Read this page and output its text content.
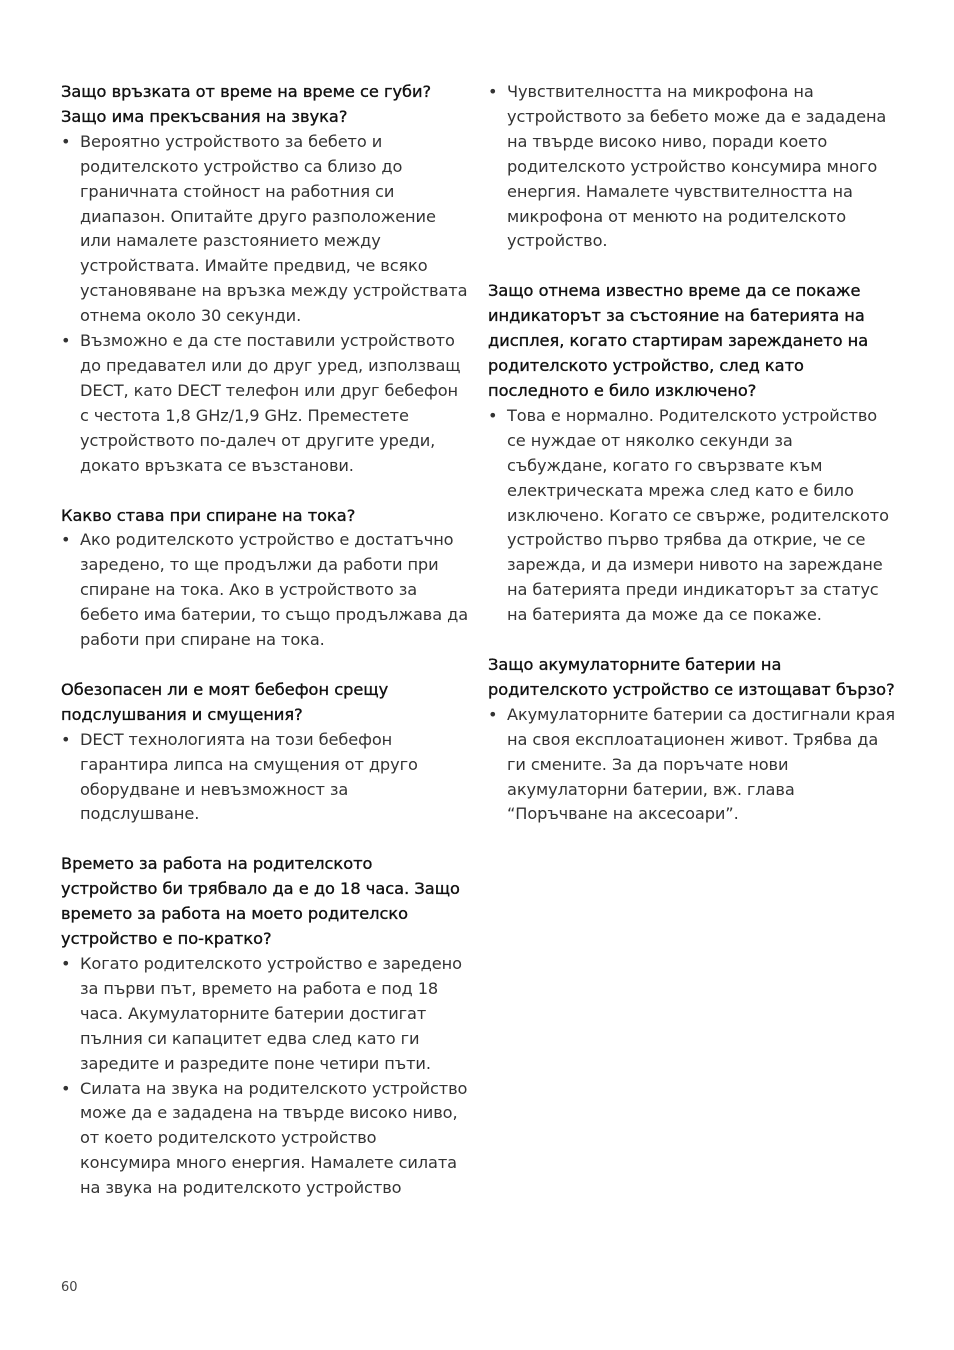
Защо връзката от време на време се губи? Защо има прекъсвания на звука?

• Вероятно устройството за бебето и родителското устройство са близо до граничната стойност на работния си диапазон. Опитайте друго разположение или намалете разстоянието между устройствата. Имайте предвид, че всяко установяване на връзка между устройствата отнема около 30 секунди.
• Възможно е да сте поставили устройството до предавател или до друг уред, използващ DECT, като DECT телефон или друг бебефон с честота 1,8 GHz/1,9 GHz. Преместете устройството по-далеч от другите уреди, докато връзката се възстанови.

Какво става при спиране на тока?

• Ако родителското устройство е достатъчно заредено, то ще продължи да работи при спиране на тока. Ако в устройството за бебето има батерии, то също продължава да работи при спиране на тока.

Обезопасен ли е моят бебефон срещу подслушвания и смущения?

• DECT технологията на този бебефон гарантира липса на смущения от друго оборудване и невъзможност за подслушване.

Времето за работа на родителското устройство би трябвало да е до 18 часа. Защо времето за работа на моето родителско устройство е по-кратко?

• Когато родителското устройство е заредено за първи път, времето на работа е под 18 часа. Акумулаторните батерии достигат пълния си капацитет едва след като ги заредите и разредите поне четири пъти.
• Силата на звука на родителското устройство може да е зададена на твърде високо ниво, от което родителското устройство консумира много енергия. Намалете силата на звука на родителското устройство
• Чувствителността на микрофона на устройството за бебето може да е зададена на твърде високо ниво, поради което родителското устройство консумира много енергия. Намалете чувствителността на микрофона от менюто на родителското устройство.

Защо отнема известно време да се покаже индикаторът за състояние на батерията на дисплея, когато стартирам зареждането на родителското устройство, след като последното е било изключено?

• Това е нормално. Родителското устройство се нуждае от няколко секунди за събуждане, когато го свързвате към електрическата мрежа след като е било изключено. Когато се свърже, родителското устройство първо трябва да открие, че се зарежда, и да измери нивото на зареждане на батерията преди индикаторът за статус на батерията да може да се покаже.

Защо акумулаторните батерии на родителското устройство се изтощават бързо?

• Акумулаторните батерии са достигнали края на своя експлоатационен живот. Трябва да ги смените. За да поръчате нови акумулаторни батерии, вж. глава “Поръчване на аксесоари”.
60
